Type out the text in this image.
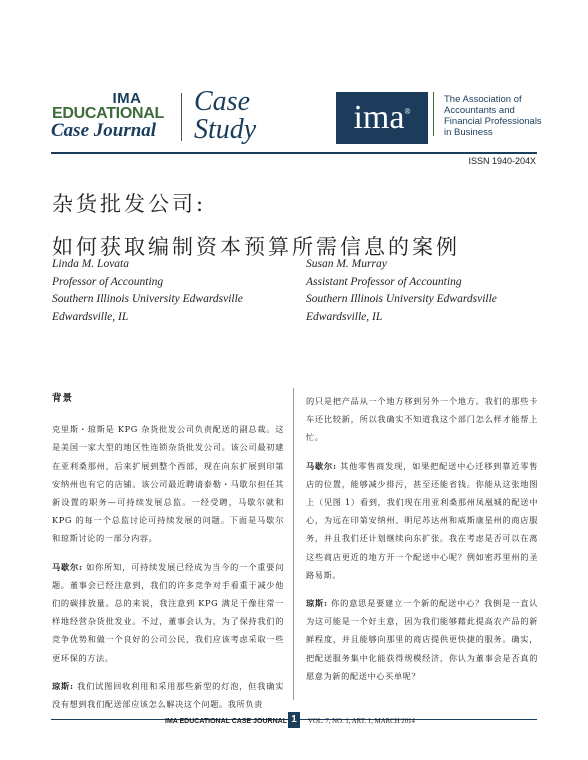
IMA
EDUCATIONAL
Case Journal
Case
Study	ima®
The Association of
Accountants and
Financial Professionals
in Business
ISSN 1940-204X
杂货批发公司:
如何获取编制资本预算所需信息的案例
Linda M. Lovata
Professor of Accounting
Southern Illinois University Edwardsville
Edwardsville, IL
Susan M. Murray
Assistant Professor of Accounting
Southern Illinois University Edwardsville
Edwardsville, IL
背景

克里斯・琼斯是 KPG 杂货批发公司负责配送的副总裁。这是美国一家大型的地区性连锁杂货批发公司。该公司最初建在亚利桑那州，后来扩展到整个西部，现在向东扩展到印第安纳州也有它的店铺。该公司最近聘请泰勒・马歇尔担任其新设置的职务—可持续发展总监。一经受聘，马歇尔就和 KPG 的每一个总监讨论可持续发展的问题。下面是马歇尔和琼斯讨论的一部分内容。

马歇尔: 如你所知，可持续发展已经成为当今的一个重要问题。董事会已经注意到，我们的许多竞争对手看重于减少他们的碳排放量。总的来说，我注意到 KPG 满足于像往常一样地经营杂货批发业。不过，董事会认为，为了保持我们的竞争优势和做一个良好的公司公民，我们应该考虑采取一些更环保的方法。

琼斯: 我们试图回收利用和采用那些新型的灯泡，但我确实没有想到我们配送部应该怎么解决这个问题。我所负责

的只是把产品从一个地方移到另外一个地方。我们的那些卡车还比较新，所以我确实不知道我这个部门怎么样才能帮上忙。

马歇尔: 其他零售商发现，如果把配送中心迁移到靠近零售店的位置，能够减少排污，甚至还能省钱。你能从这张地图上（见图 1）看到，我们现在用亚利桑那州凤凰城的配送中心，为远在印第安纳州、明尼苏达州和威斯康星州的商店服务，并且我们还计划继续向东扩张。我在考虑是否可以在离这些商店更近的地方开一个配送中心呢？例如密苏里州的圣路易斯。

琼斯: 你的意思是要建立一个新的配送中心？我倒是一直认为这可能是一个好主意，因为我们能够藉此提高农产品的新鲜程度，并且能够向那里的商店提供更快捷的服务。确实，把配送服务集中化能获得规模经济，你认为董事会是否真的愿意为新的配送中心买单呢？

IMA EDUCATIONAL CASE JOURNAL 1	VOL. 7, NO. 1, ART. 1, MARCH 2014
